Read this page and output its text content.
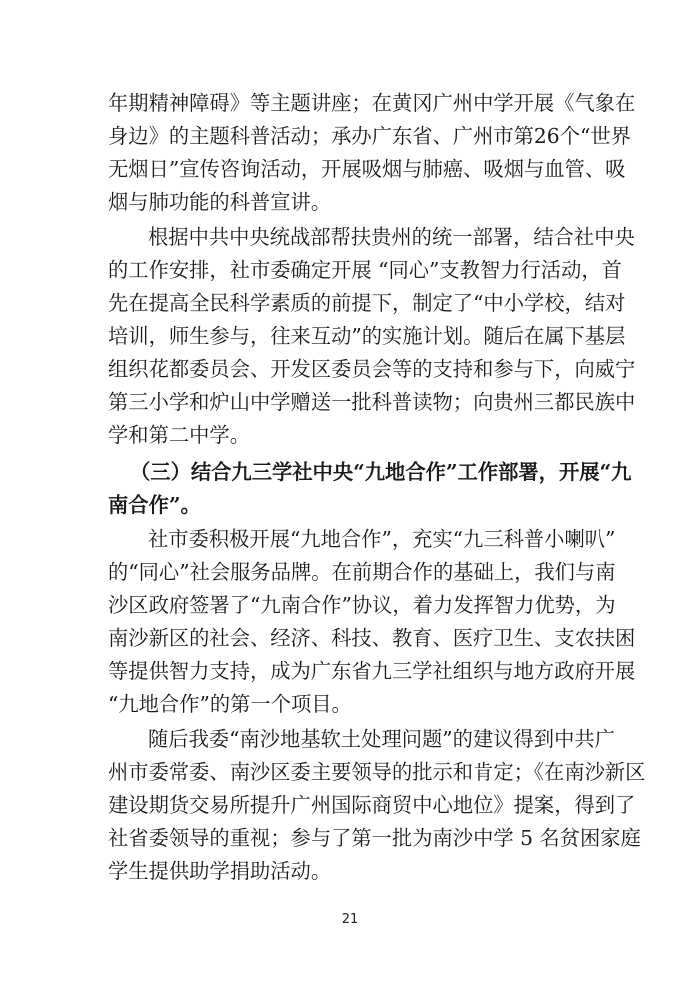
年期精神障碍》等主题讲座；在黄冈广州中学开展《气象在
身边》的主题科普活动；承办广东省、广州市第26个“世界
无烟日”宣传咨询活动，开展吸烟与肺癌、吸烟与血管、吸
烟与肺功能的科普宣讲。
根据中共中央统战部帮扶贵州的统一部署，结合社中央
的工作安排，社市委确定开展 “同心”支教智力行活动，首
先在提高全民科学素质的前提下，制定了“中小学校，结对
培训，师生参与，往来互动”的实施计划。随后在属下基层
组织花都委员会、开发区委员会等的支持和参与下，向威宁
第三小学和炉山中学赠送一批科普读物；向贵州三都民族中
学和第二中学。
（三）结合九三学社中央“九地合作”工作部署，开展“九
南合作”。
社市委积极开展“九地合作”，充实“九三科普小喇叭”
的“同心”社会服务品牌。在前期合作的基础上，我们与南
沙区政府签署了“九南合作”协议，着力发挥智力优势，为
南沙新区的社会、经济、科技、教育、医疗卫生、支农扶困
等提供智力支持，成为广东省九三学社组织与地方政府开展
“九地合作”的第一个项目。
随后我委“南沙地基软土处理问题”的建议得到中共广
州市委常委、南沙区委主要领导的批示和肯定；《在南沙新区
建设期货交易所提升广州国际商贸中心地位》提案，得到了
社省委领导的重视；参与了第一批为南沙中学 5 名贫困家庭
学生提供助学捐助活动。
21
